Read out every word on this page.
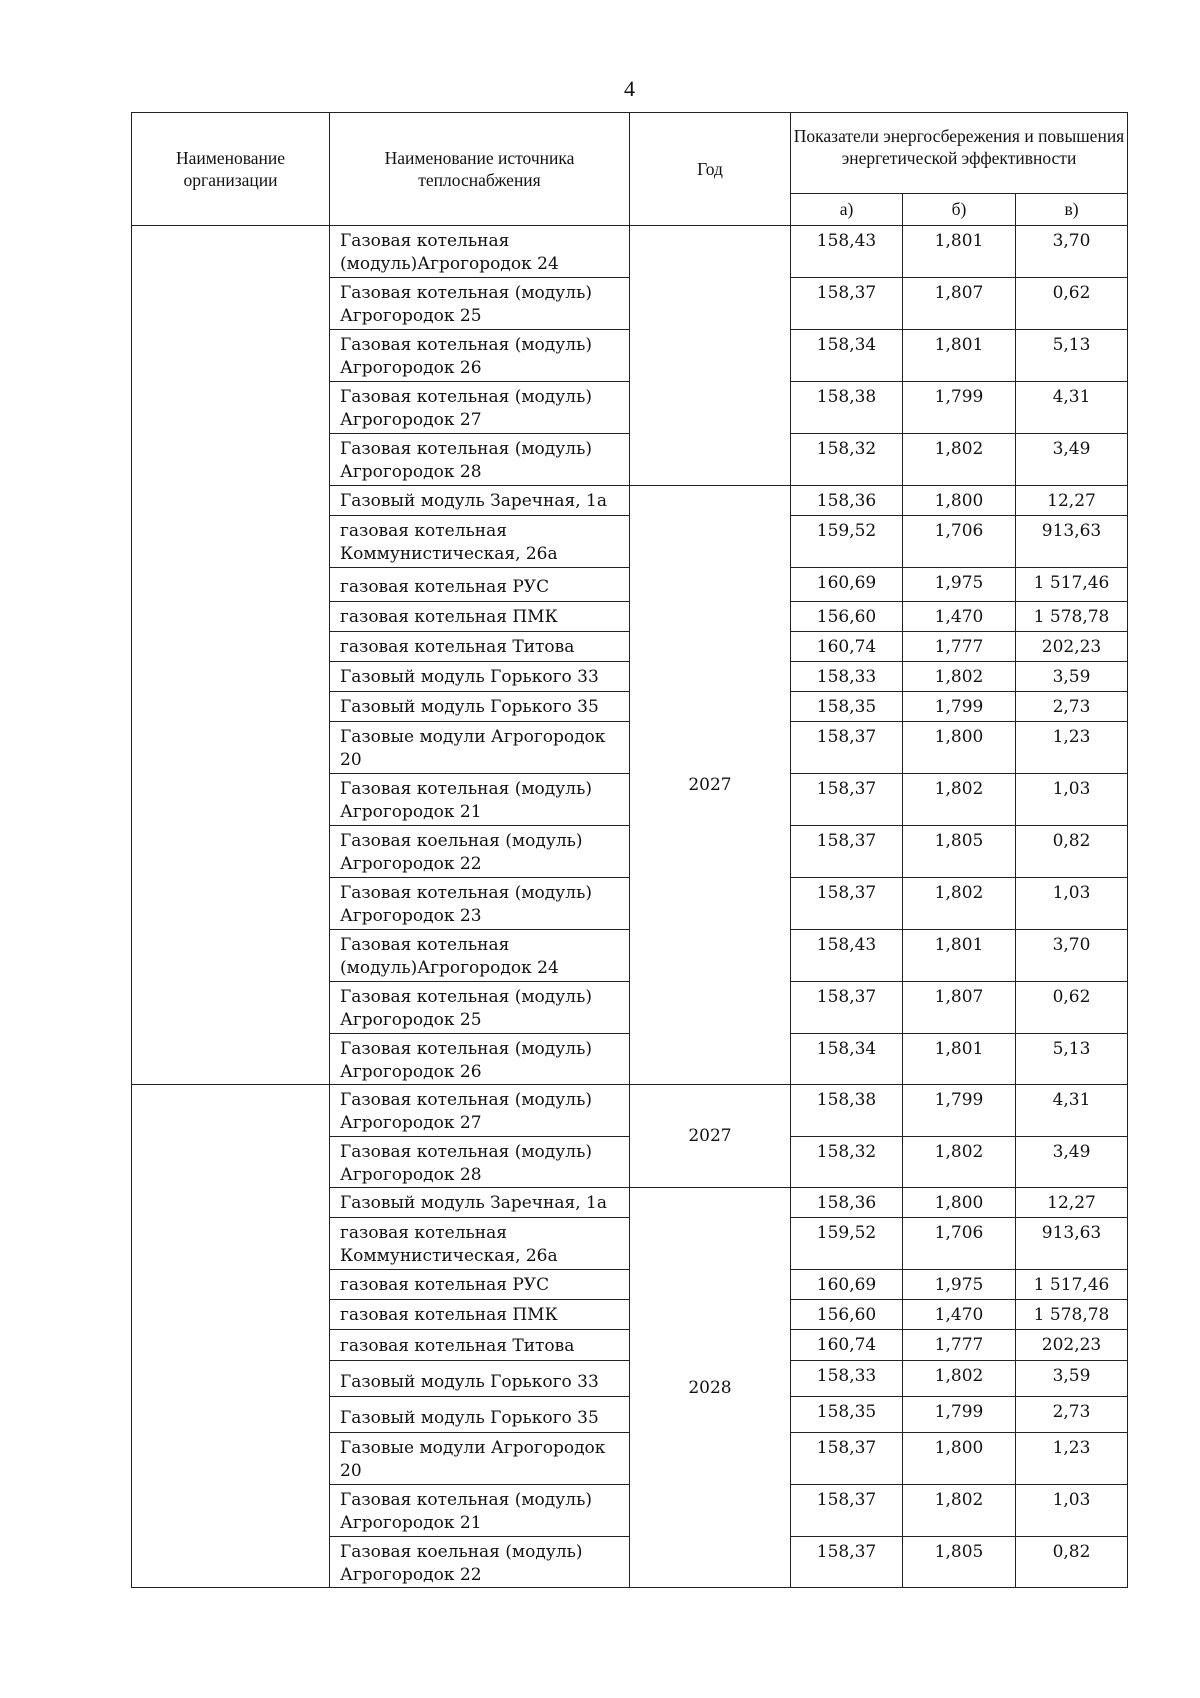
4
Наименование организации	Наименование источника теплоснабжения	Год	Показатели энергосбережения и повышения энергетической эффективности		
			а)	б)	в)
	Газовая котельная (модуль)Агрогородок 24		158,43	1,801	3,70
	Газовая котельная (модуль) Агрогородок 25		158,37	1,807	0,62
	Газовая котельная (модуль) Агрогородок 26		158,34	1,801	5,13
	Газовая котельная (модуль) Агрогородок 27		158,38	1,799	4,31
	Газовая котельная (модуль) Агрогородок 28		158,32	1,802	3,49
	Газовый модуль Заречная, 1а	2027	158,36	1,800	12,27
	газовая котельная Коммунистическая, 26а		159,52	1,706	913,63
	газовая котельная РУС		160,69	1,975	1 517,46
	газовая котельная ПМК		156,60	1,470	1 578,78
	газовая котельная Титова		160,74	1,777	202,23
	Газовый модуль Горького 33		158,33	1,802	3,59
	Газовый модуль Горького 35		158,35	1,799	2,73
	Газовые модули Агрогородок 20		158,37	1,800	1,23
	Газовая котельная (модуль) Агрогородок 21		158,37	1,802	1,03
	Газовая коельная (модуль) Агрогородок 22		158,37	1,805	0,82
	Газовая котельная (модуль) Агрогородок 23		158,37	1,802	1,03
	Газовая котельная (модуль)Агрогородок 24		158,43	1,801	3,70
	Газовая котельная (модуль) Агрогородок 25		158,37	1,807	0,62
	Газовая котельная (модуль) Агрогородок 26		158,34	1,801	5,13
	Газовая котельная (модуль) Агрогородок 27	2027	158,38	1,799	4,31
	Газовая котельная (модуль) Агрогородок 28		158,32	1,802	3,49
	Газовый модуль Заречная, 1а	2028	158,36	1,800	12,27
	газовая котельная Коммунистическая, 26а		159,52	1,706	913,63
	газовая котельная РУС		160,69	1,975	1 517,46
	газовая котельная ПМК		156,60	1,470	1 578,78
	газовая котельная Титова		160,74	1,777	202,23
	Газовый модуль Горького 33		158,33	1,802	3,59
	Газовый модуль Горького 35		158,35	1,799	2,73
	Газовые модули Агрогородок 20		158,37	1,800	1,23
	Газовая котельная (модуль) Агрогородок 21		158,37	1,802	1,03
	Газовая коельная (модуль) Агрогородок 22		158,37	1,805	0,82
